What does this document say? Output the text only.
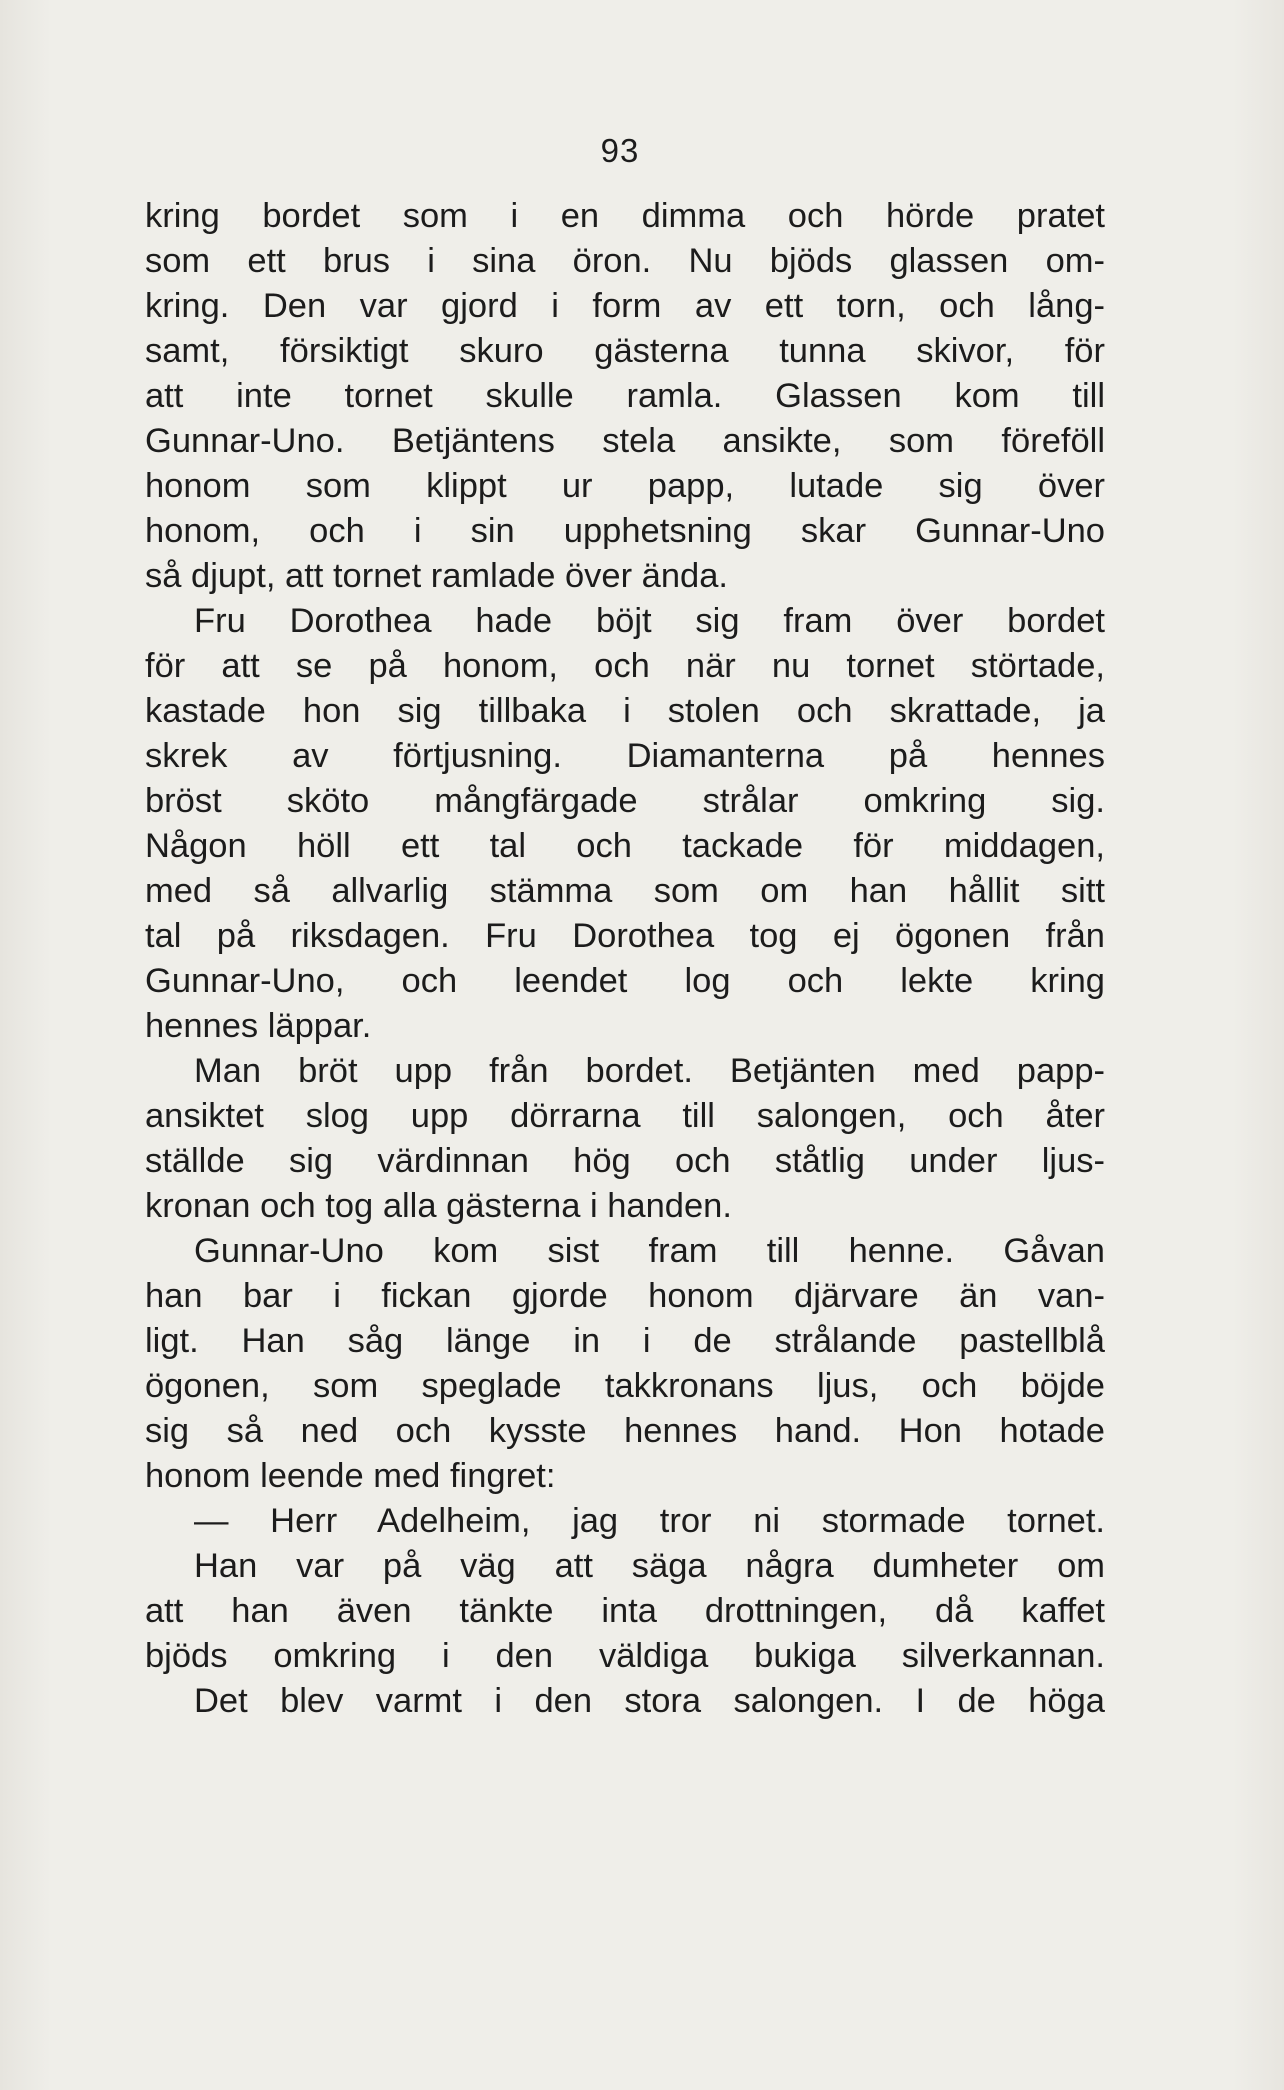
93
kring bordet som i en dimma och hörde pratet
som ett brus i sina öron. Nu bjöds glassen om-
kring. Den var gjord i form av ett torn, och lång-
samt, försiktigt skuro gästerna tunna skivor, för
att inte tornet skulle ramla. Glassen kom till
Gunnar-Uno. Betjäntens stela ansikte, som föreföll
honom som klippt ur papp, lutade sig över
honom, och i sin upphetsning skar Gunnar-Uno
så djupt, att tornet ramlade över ända.
Fru Dorothea hade böjt sig fram över bordet
för att se på honom, och när nu tornet störtade,
kastade hon sig tillbaka i stolen och skrattade, ja
skrek av förtjusning. Diamanterna på hennes
bröst sköto mångfärgade strålar omkring sig.
Någon höll ett tal och tackade för middagen,
med så allvarlig stämma som om han hållit sitt
tal på riksdagen. Fru Dorothea tog ej ögonen från
Gunnar-Uno, och leendet log och lekte kring
hennes läppar.
Man bröt upp från bordet. Betjänten med papp-
ansiktet slog upp dörrarna till salongen, och åter
ställde sig värdinnan hög och ståtlig under ljus-
kronan och tog alla gästerna i handen.
Gunnar-Uno kom sist fram till henne. Gåvan
han bar i fickan gjorde honom djärvare än van-
ligt. Han såg länge in i de strålande pastellblå
ögonen, som speglade takkronans ljus, och böjde
sig så ned och kysste hennes hand. Hon hotade
honom leende med fingret:
— Herr Adelheim, jag tror ni stormade tornet.
Han var på väg att säga några dumheter om
att han även tänkte inta drottningen, då kaffet
bjöds omkring i den väldiga bukiga silverkannan.
Det blev varmt i den stora salongen. I de höga
